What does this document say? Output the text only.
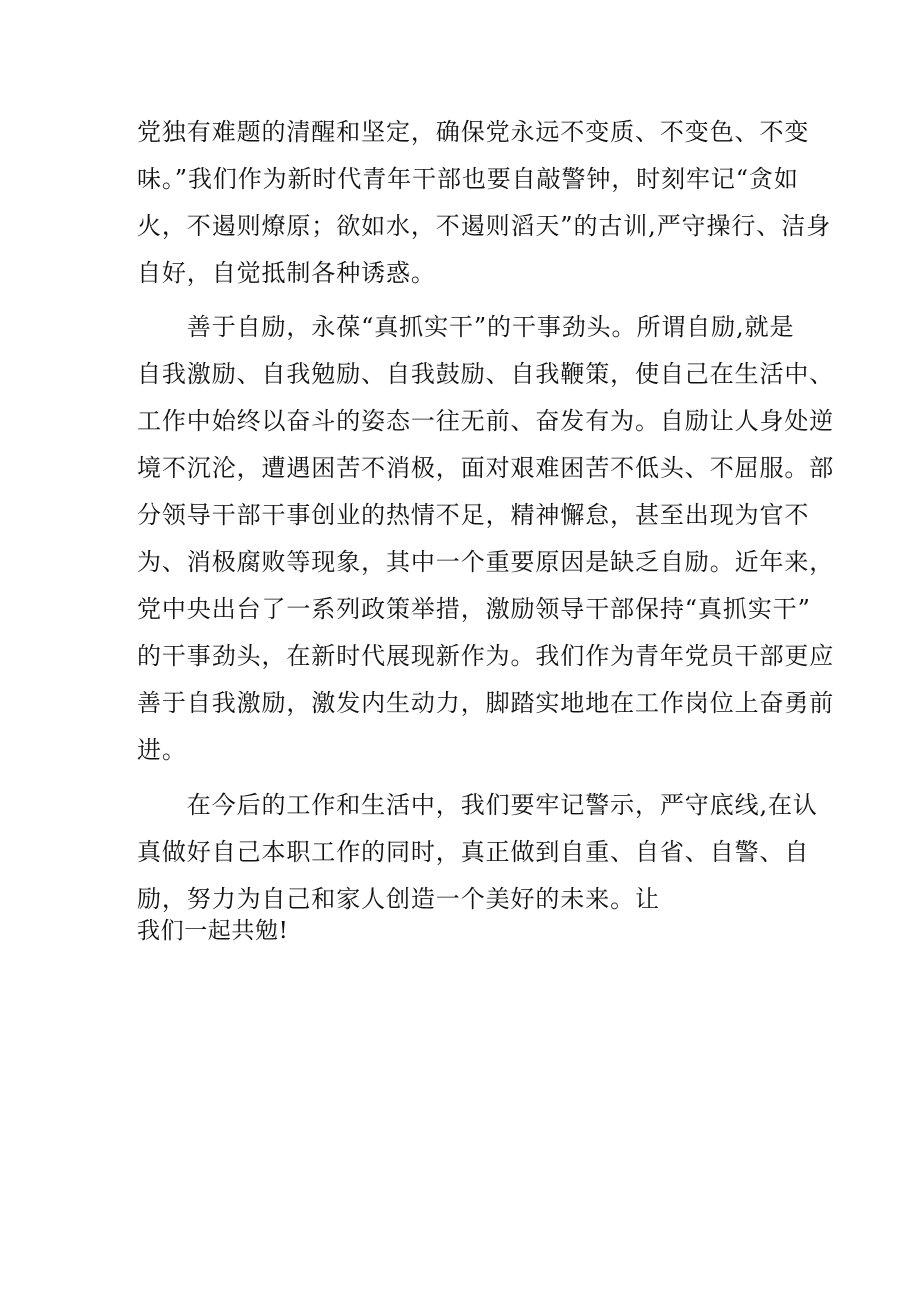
党独有难题的清醒和坚定，确保党永远不变质、不变色、不变
味。”我们作为新时代青年干部也要自敲警钟，时刻牢记“贪如
火，不遏则燎原；欲如水，不遏则滔天”的古训,严守操行、洁身
自好，自觉抵制各种诱惑。
　　善于自励，永葆“真抓实干”的干事劲头。所谓自励,就是
自我激励、自我勉励、自我鼓励、自我鞭策，使自己在生活中、
工作中始终以奋斗的姿态一往无前、奋发有为。自励让人身处逆
境不沉沦，遭遇困苦不消极，面对艰难困苦不低头、不屈服。部
分领导干部干事创业的热情不足，精神懈怠，甚至出现为官不
为、消极腐败等现象，其中一个重要原因是缺乏自励。近年来，
党中央出台了一系列政策举措，激励领导干部保持“真抓实干”
的干事劲头，在新时代展现新作为。我们作为青年党员干部更应
善于自我激励，激发内生动力，脚踏实地地在工作岗位上奋勇前
进。
　　在今后的工作和生活中，我们要牢记警示，严守底线,在认
真做好自己本职工作的同时，真正做到自重、自省、自警、自
励，努力为自己和家人创造一个美好的未来。让
我们一起共勉!
